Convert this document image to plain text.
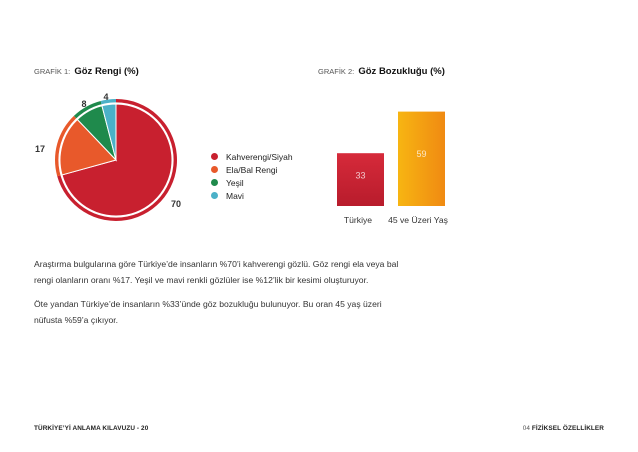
GRAFİK 1: Göz Rengi (%)	GRAFİK 2: Göz Bozukluğu (%)
70
17
8
4
Kahverengi/Siyah
Ela/Bal Rengi
Yeşil
Mavi
33
59
Türkiye 45 ve Üzeri Yaş
Araştırma bulgularına göre Türkiye’de insanların %70’i kahverengi gözlü. Göz rengi ela veya bal
rengi olanların oranı %17. Yeşil ve mavi renkli gözlüler ise %12’lik bir kesimi oluşturuyor.
Öte yandan Türkiye’de insanların %33’ünde göz bozukluğu bulunuyor. Bu oran 45 yaş üzeri
nüfusta %59’a çıkıyor.
TÜRKİYE’Yİ ANLAMA KILAVUZU - 20	04 FİZİKSEL ÖZELLİKLER
